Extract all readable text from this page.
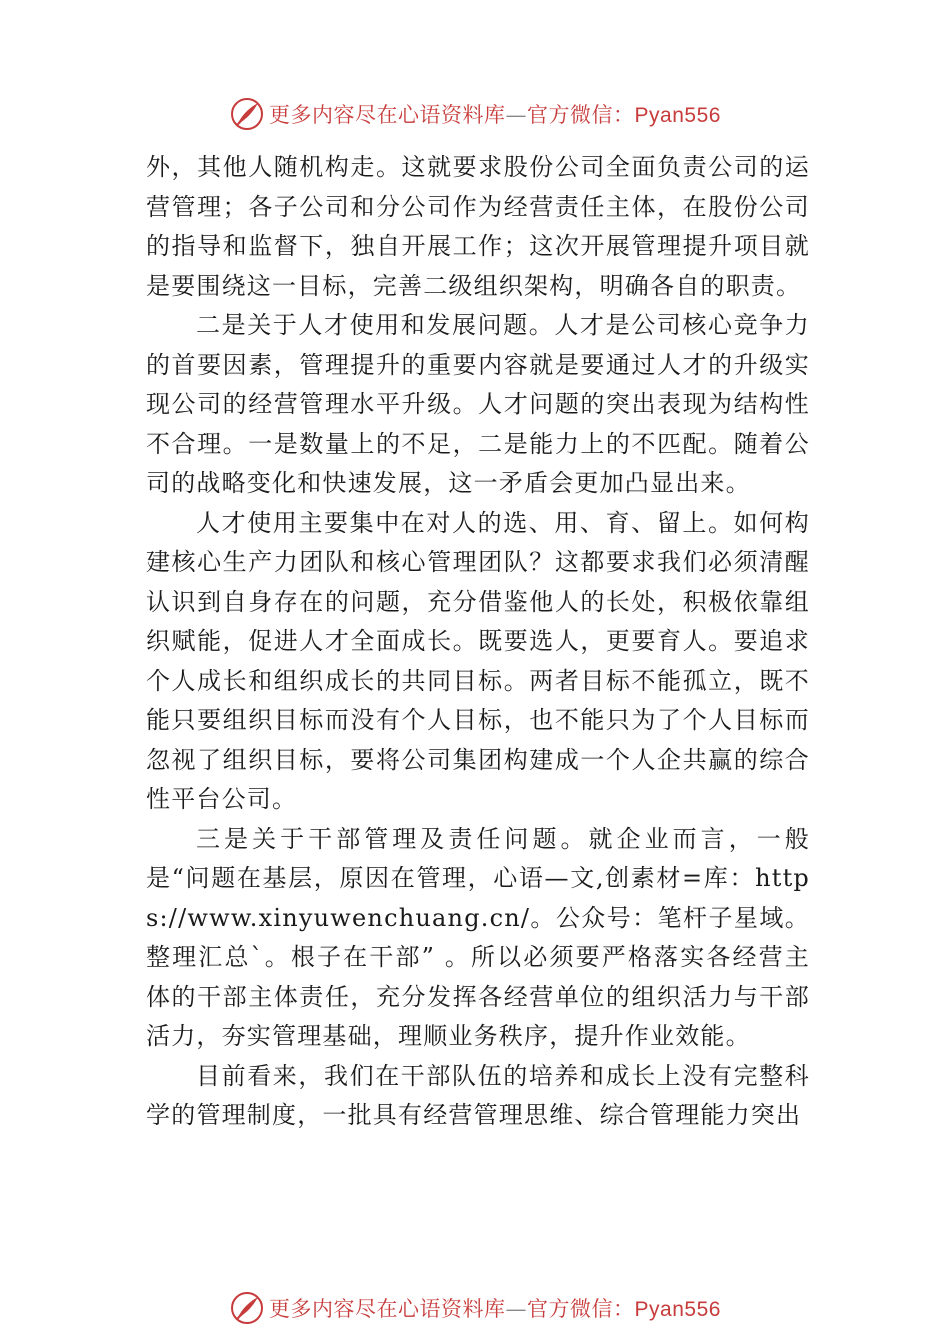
更多内容尽在心语资料库—官方微信：Pyan556

外，其他人随机构走。这就要求股份公司全面负责公司的运营管理；各子公司和分公司作为经营责任主体，在股份公司的指导和监督下，独自开展工作；这次开展管理提升项目就是要围绕这一目标，完善二级组织架构，明确各自的职责。

二是关于人才使用和发展问题。人才是公司核心竞争力的首要因素，管理提升的重要内容就是要通过人才的升级实现公司的经营管理水平升级。人才问题的突出表现为结构性不合理。一是数量上的不足，二是能力上的不匹配。随着公司的战略变化和快速发展，这一矛盾会更加凸显出来。

人才使用主要集中在对人的选、用、育、留上。如何构建核心生产力团队和核心管理团队？这都要求我们必须清醒认识到自身存在的问题，充分借鉴他人的长处，积极依靠组织赋能，促进人才全面成长。既要选人，更要育人。要追求个人成长和组织成长的共同目标。两者目标不能孤立，既不能只要组织目标而没有个人目标，也不能只为了个人目标而忽视了组织目标，要将公司集团构建成一个人企共赢的综合性平台公司。

三是关于干部管理及责任问题。就企业而言，一般是“问题在基层，原因在管理，心语—文,创素材=库：https://www.xinyuwenchuang.cn/。公众号：笔杆子星域。整理汇总`。根子在干部” 。所以必须要严格落实各经营主体的干部主体责任，充分发挥各经营单位的组织活力与干部活力，夯实管理基础，理顺业务秩序，提升作业效能。

目前看来，我们在干部队伍的培养和成长上没有完整科学的管理制度，一批具有经营管理思维、综合管理能力突出

更多内容尽在心语资料库—官方微信：Pyan556
